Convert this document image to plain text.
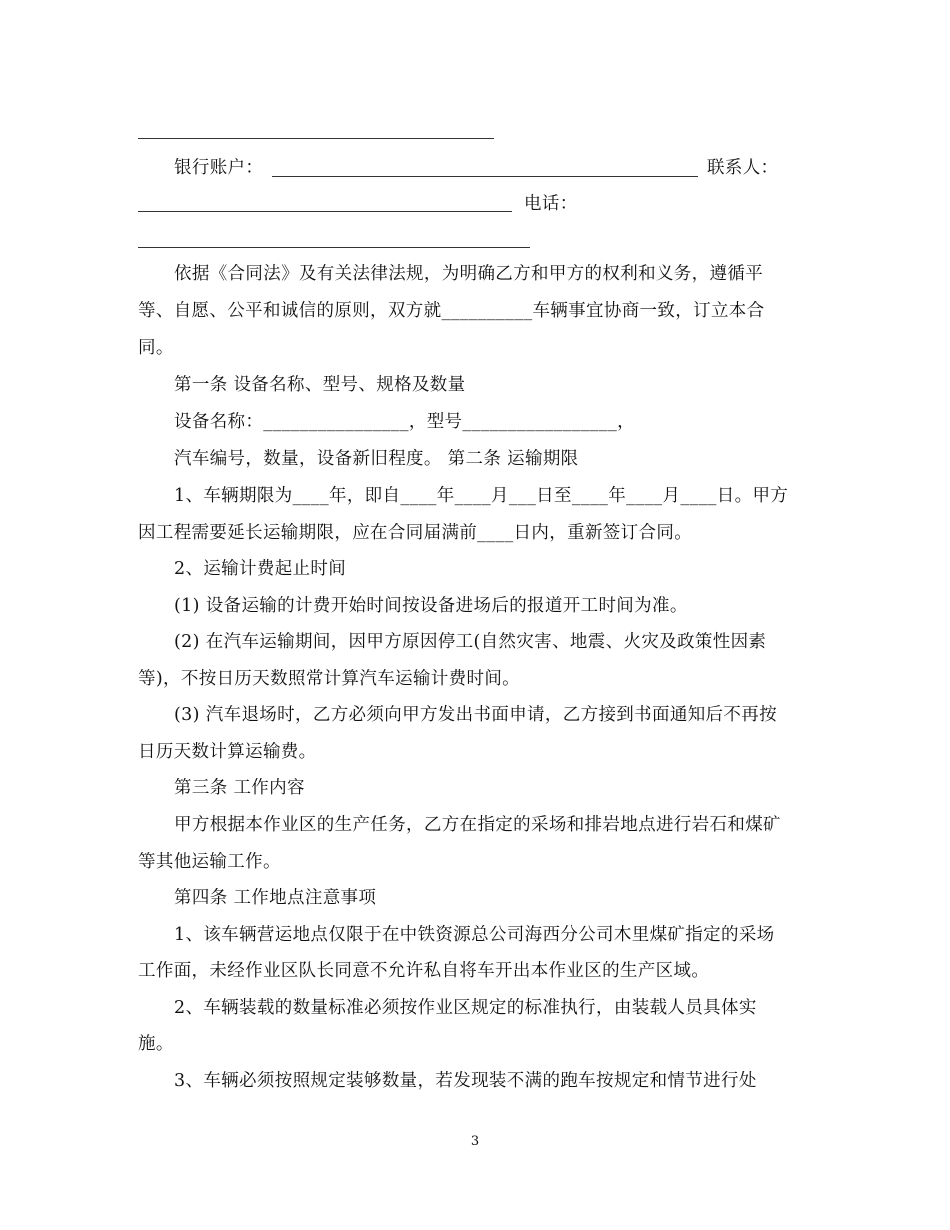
银行账户：	联系人：
电话：
依据《合同法》及有关法律法规，为明确乙方和甲方的权利和义务，遵循平
等、自愿、公平和诚信的原则，双方就__________车辆事宜协商一致，订立本合
同。
第一条 设备名称、型号、规格及数量
设备名称：________________，型号_________________，
汽车编号，数量，设备新旧程度。 第二条 运输期限
1、车辆期限为____年，即自____年____月___日至____年____月____日。甲方
因工程需要延长运输期限，应在合同届满前____日内，重新签订合同。
2、运输计费起止时间
(1) 设备运输的计费开始时间按设备进场后的报道开工时间为准。
(2) 在汽车运输期间，因甲方原因停工(自然灾害、地震、火灾及政策性因素
等)，不按日历天数照常计算汽车运输计费时间。
(3) 汽车退场时，乙方必须向甲方发出书面申请，乙方接到书面通知后不再按
日历天数计算运输费。
第三条 工作内容
甲方根据本作业区的生产任务，乙方在指定的采场和排岩地点进行岩石和煤矿
等其他运输工作。
第四条 工作地点注意事项
1、该车辆营运地点仅限于在中铁资源总公司海西分公司木里煤矿指定的采场
工作面，未经作业区队长同意不允许私自将车开出本作业区的生产区域。
2、车辆装载的数量标准必须按作业区规定的标准执行，由装载人员具体实
施。
3、车辆必须按照规定装够数量，若发现装不满的跑车按规定和情节进行处
3
